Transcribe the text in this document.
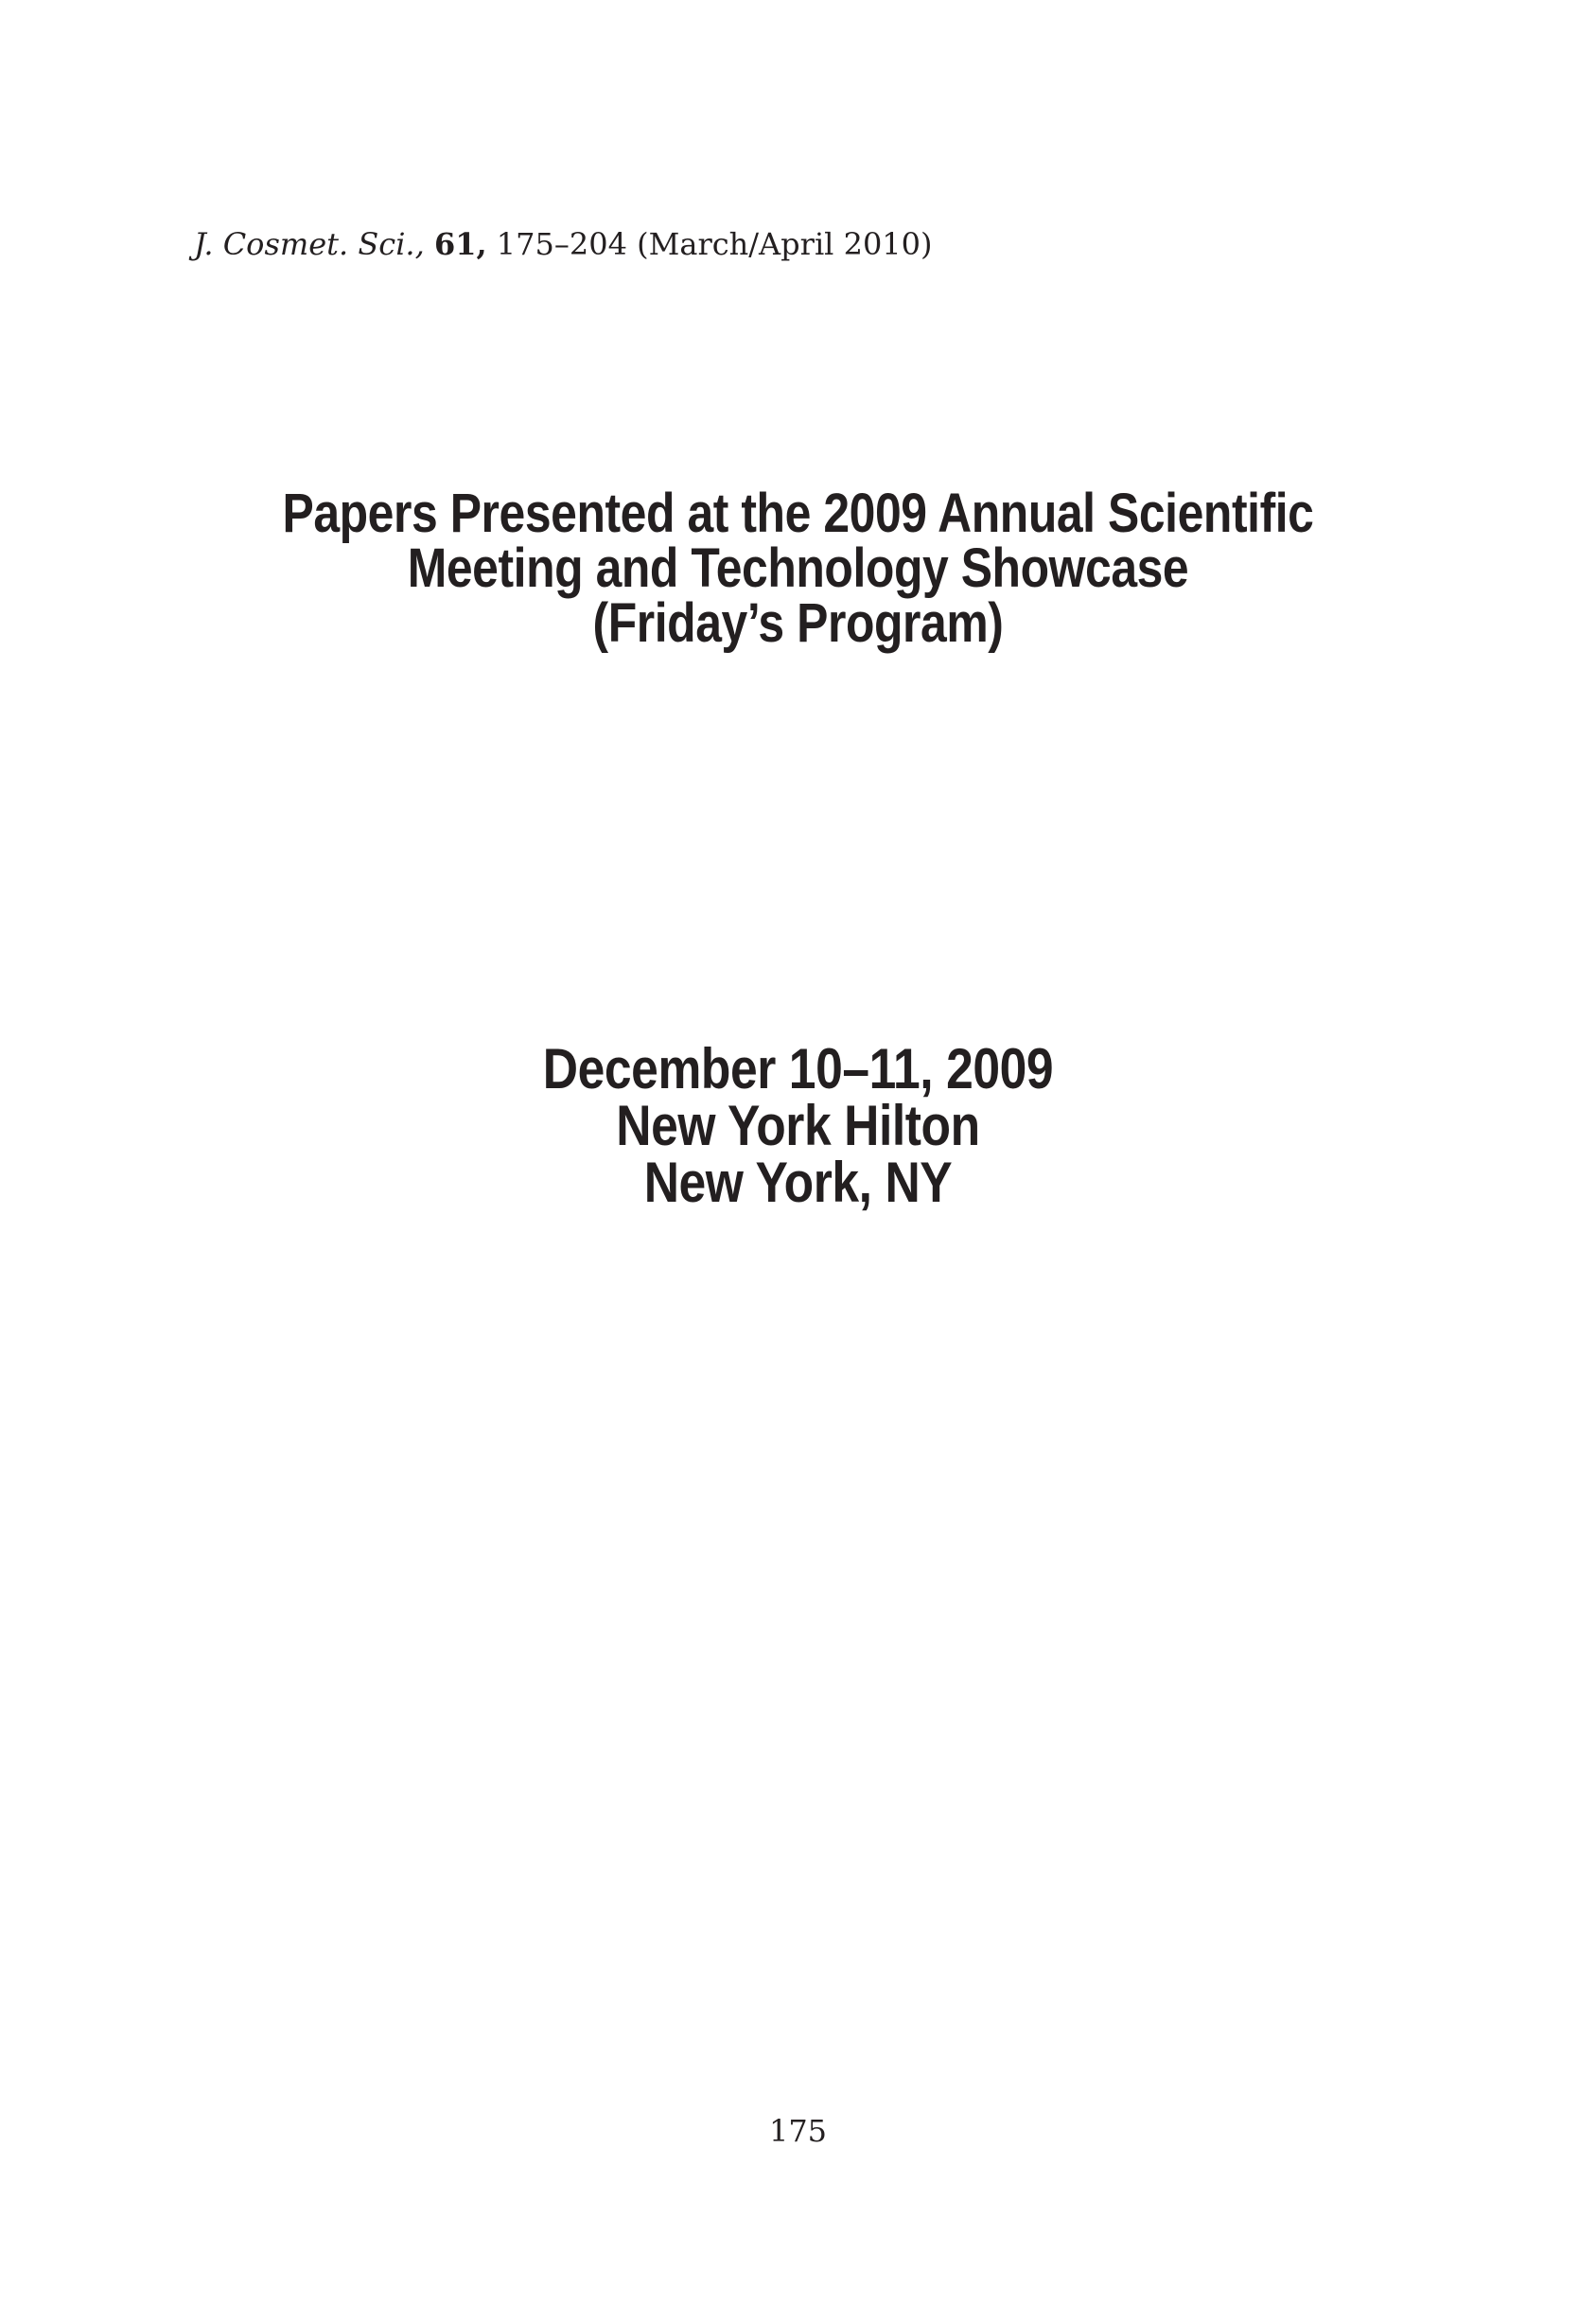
J. Cosmet. Sci., 61, 175–204 (March/April 2010)
Papers Presented at the 2009 Annual Scientific
Meeting and Technology Showcase
(Friday’s Program)
December 10–11, 2009
New York Hilton
New York, NY
175
